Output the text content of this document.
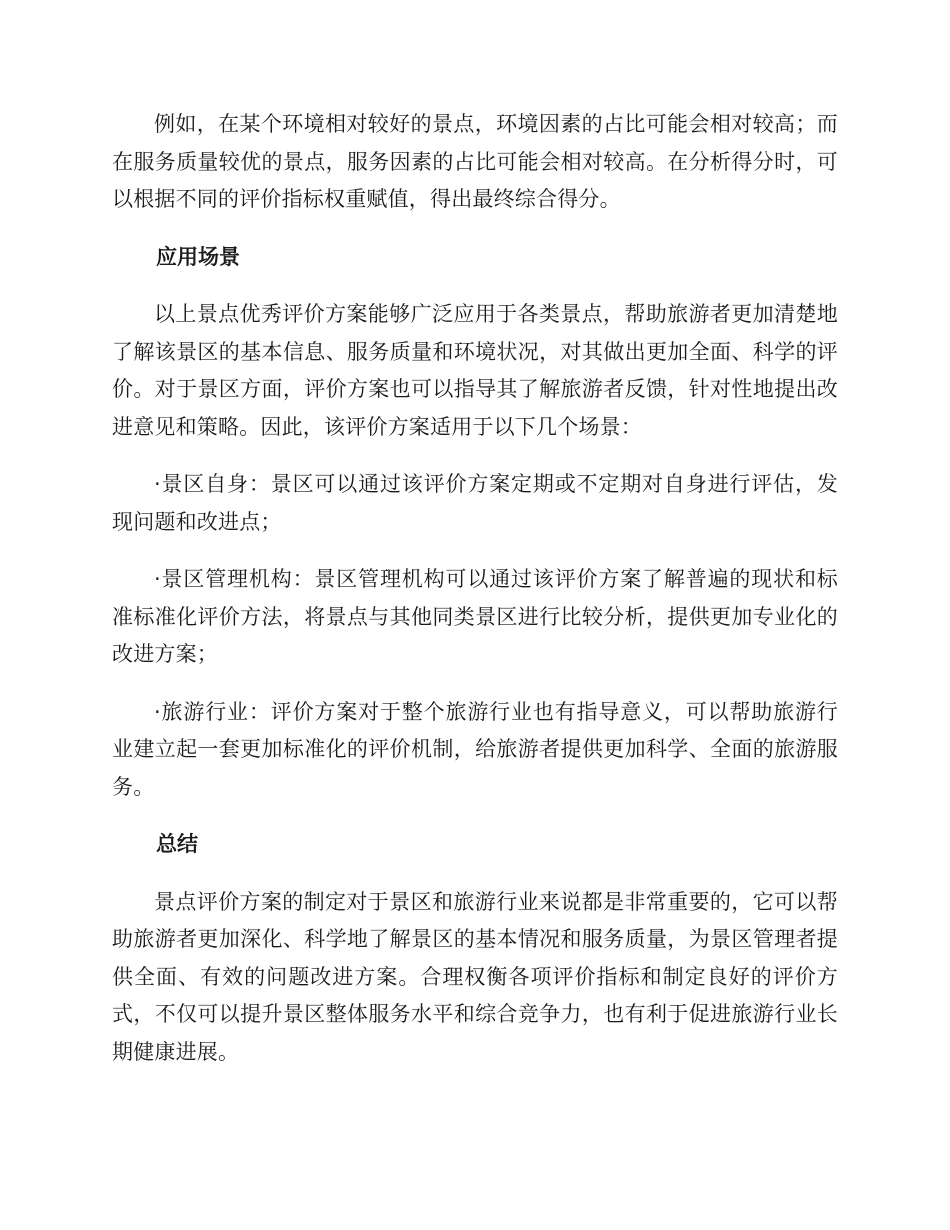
例如，在某个环境相对较好的景点，环境因素的占比可能会相对较高；而在服务质量较优的景点，服务因素的占比可能会相对较高。在分析得分时，可以根据不同的评价指标权重赋值，得出最终综合得分。

应用场景

以上景点优秀评价方案能够广泛应用于各类景点，帮助旅游者更加清楚地了解该景区的基本信息、服务质量和环境状况，对其做出更加全面、科学的评价。对于景区方面，评价方案也可以指导其了解旅游者反馈，针对性地提出改进意见和策略。因此，该评价方案适用于以下几个场景：

·景区自身：景区可以通过该评价方案定期或不定期对自身进行评估，发现问题和改进点；

·景区管理机构：景区管理机构可以通过该评价方案了解普遍的现状和标准标准化评价方法，将景点与其他同类景区进行比较分析，提供更加专业化的改进方案；

·旅游行业：评价方案对于整个旅游行业也有指导意义，可以帮助旅游行业建立起一套更加标准化的评价机制，给旅游者提供更加科学、全面的旅游服务。

总结

景点评价方案的制定对于景区和旅游行业来说都是非常重要的，它可以帮助旅游者更加深化、科学地了解景区的基本情况和服务质量，为景区管理者提供全面、有效的问题改进方案。合理权衡各项评价指标和制定良好的评价方式，不仅可以提升景区整体服务水平和综合竞争力，也有利于促进旅游行业长期健康进展。
